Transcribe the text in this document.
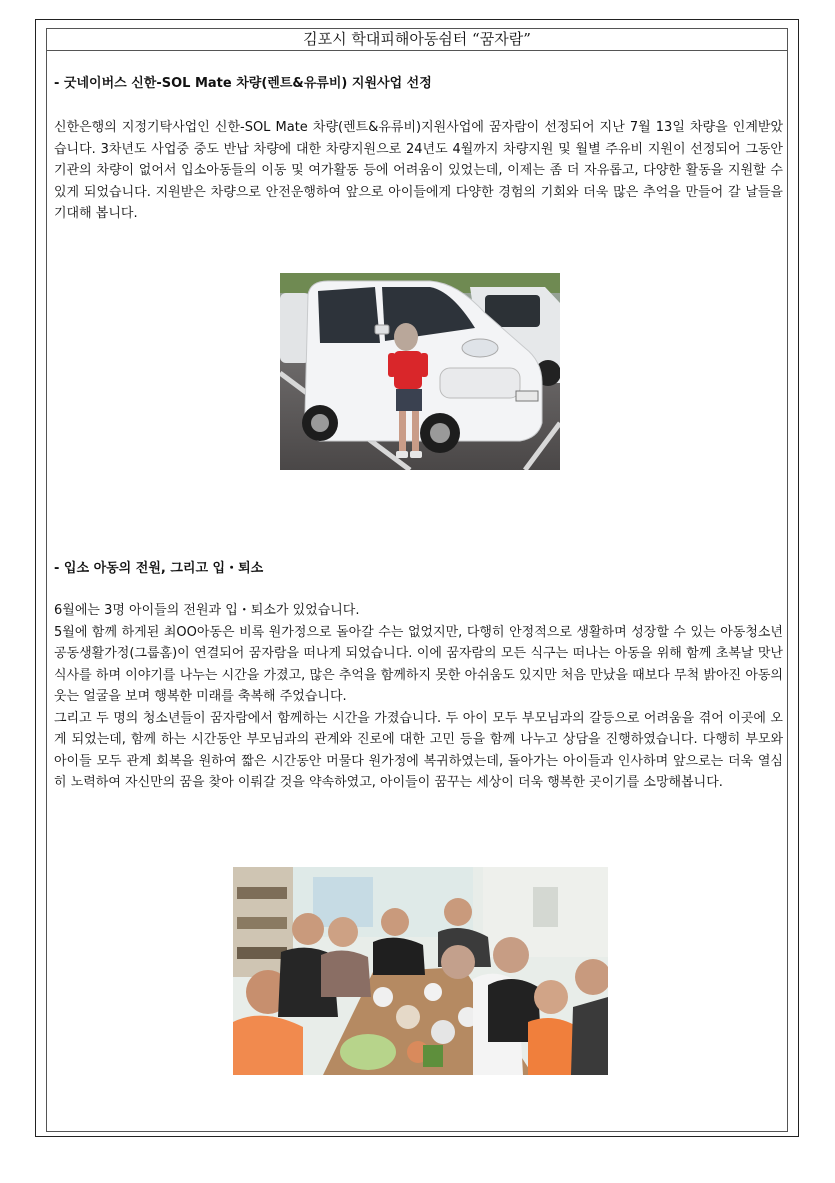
김포시 학대피해아동쉼터 “꿈자람”
- 굿네이버스 신한-SOL Mate 차량(렌트&유류비) 지원사업 선정

신한은행의 지정기탁사업인 신한-SOL Mate 차량(렌트&유류비)지원사업에 꿈자람이 선정되어 지난 7월 13일 차량을 인계받았습니다. 3차년도 사업중 중도 반납 차량에 대한 차량지원으로 24년도 4월까지 차량지원 및 월별 주유비 지원이 선정되어 그동안 기관의 차량이 없어서 입소아동들의 이동 및 여가활동 등에 어려움이 있었는데, 이제는 좀 더 자유롭고, 다양한 활동을 지원할 수 있게 되었습니다. 지원받은 차량으로 안전운행하여 앞으로 아이들에게 다양한 경험의 기회와 더욱 많은 추억을 만들어 갈 날들을 기대해 봅니다.

- 입소 아동의 전원, 그리고 입・퇴소

6월에는 3명 아이들의 전원과 입・퇴소가 있었습니다.

5월에 함께 하게된 최OO아동은 비록 원가정으로 돌아갈 수는 없었지만, 다행히 안정적으로 생활하며 성장할 수 있는 아동청소년공동생활가정(그룹홈)이 연결되어 꿈자람을 떠나게 되었습니다. 이에 꿈자람의 모든 식구는 떠나는 아동을 위해 함께 초복날 맛난 식사를 하며 이야기를 나누는 시간을 가졌고, 많은 추억을 함께하지 못한 아쉬움도 있지만 처음 만났을 때보다 무척 밝아진 아동의 웃는 얼굴을 보며 행복한 미래를 축복해 주었습니다.

그리고 두 명의 청소년들이 꿈자람에서 함께하는 시간을 가졌습니다. 두 아이 모두 부모님과의 갈등으로 어려움을 겪어 이곳에 오게 되었는데, 함께 하는 시간동안 부모님과의 관계와 진로에 대한 고민 등을 함께 나누고 상담을 진행하였습니다. 다행히 부모와 아이들 모두 관계 회복을 원하여 짧은 시간동안 머물다 원가정에 복귀하였는데, 돌아가는 아이들과 인사하며 앞으로는 더욱 열심히 노력하여 자신만의 꿈을 찾아 이뤄갈 것을 약속하였고, 아이들이 꿈꾸는 세상이 더욱 행복한 곳이기를 소망해봅니다.
